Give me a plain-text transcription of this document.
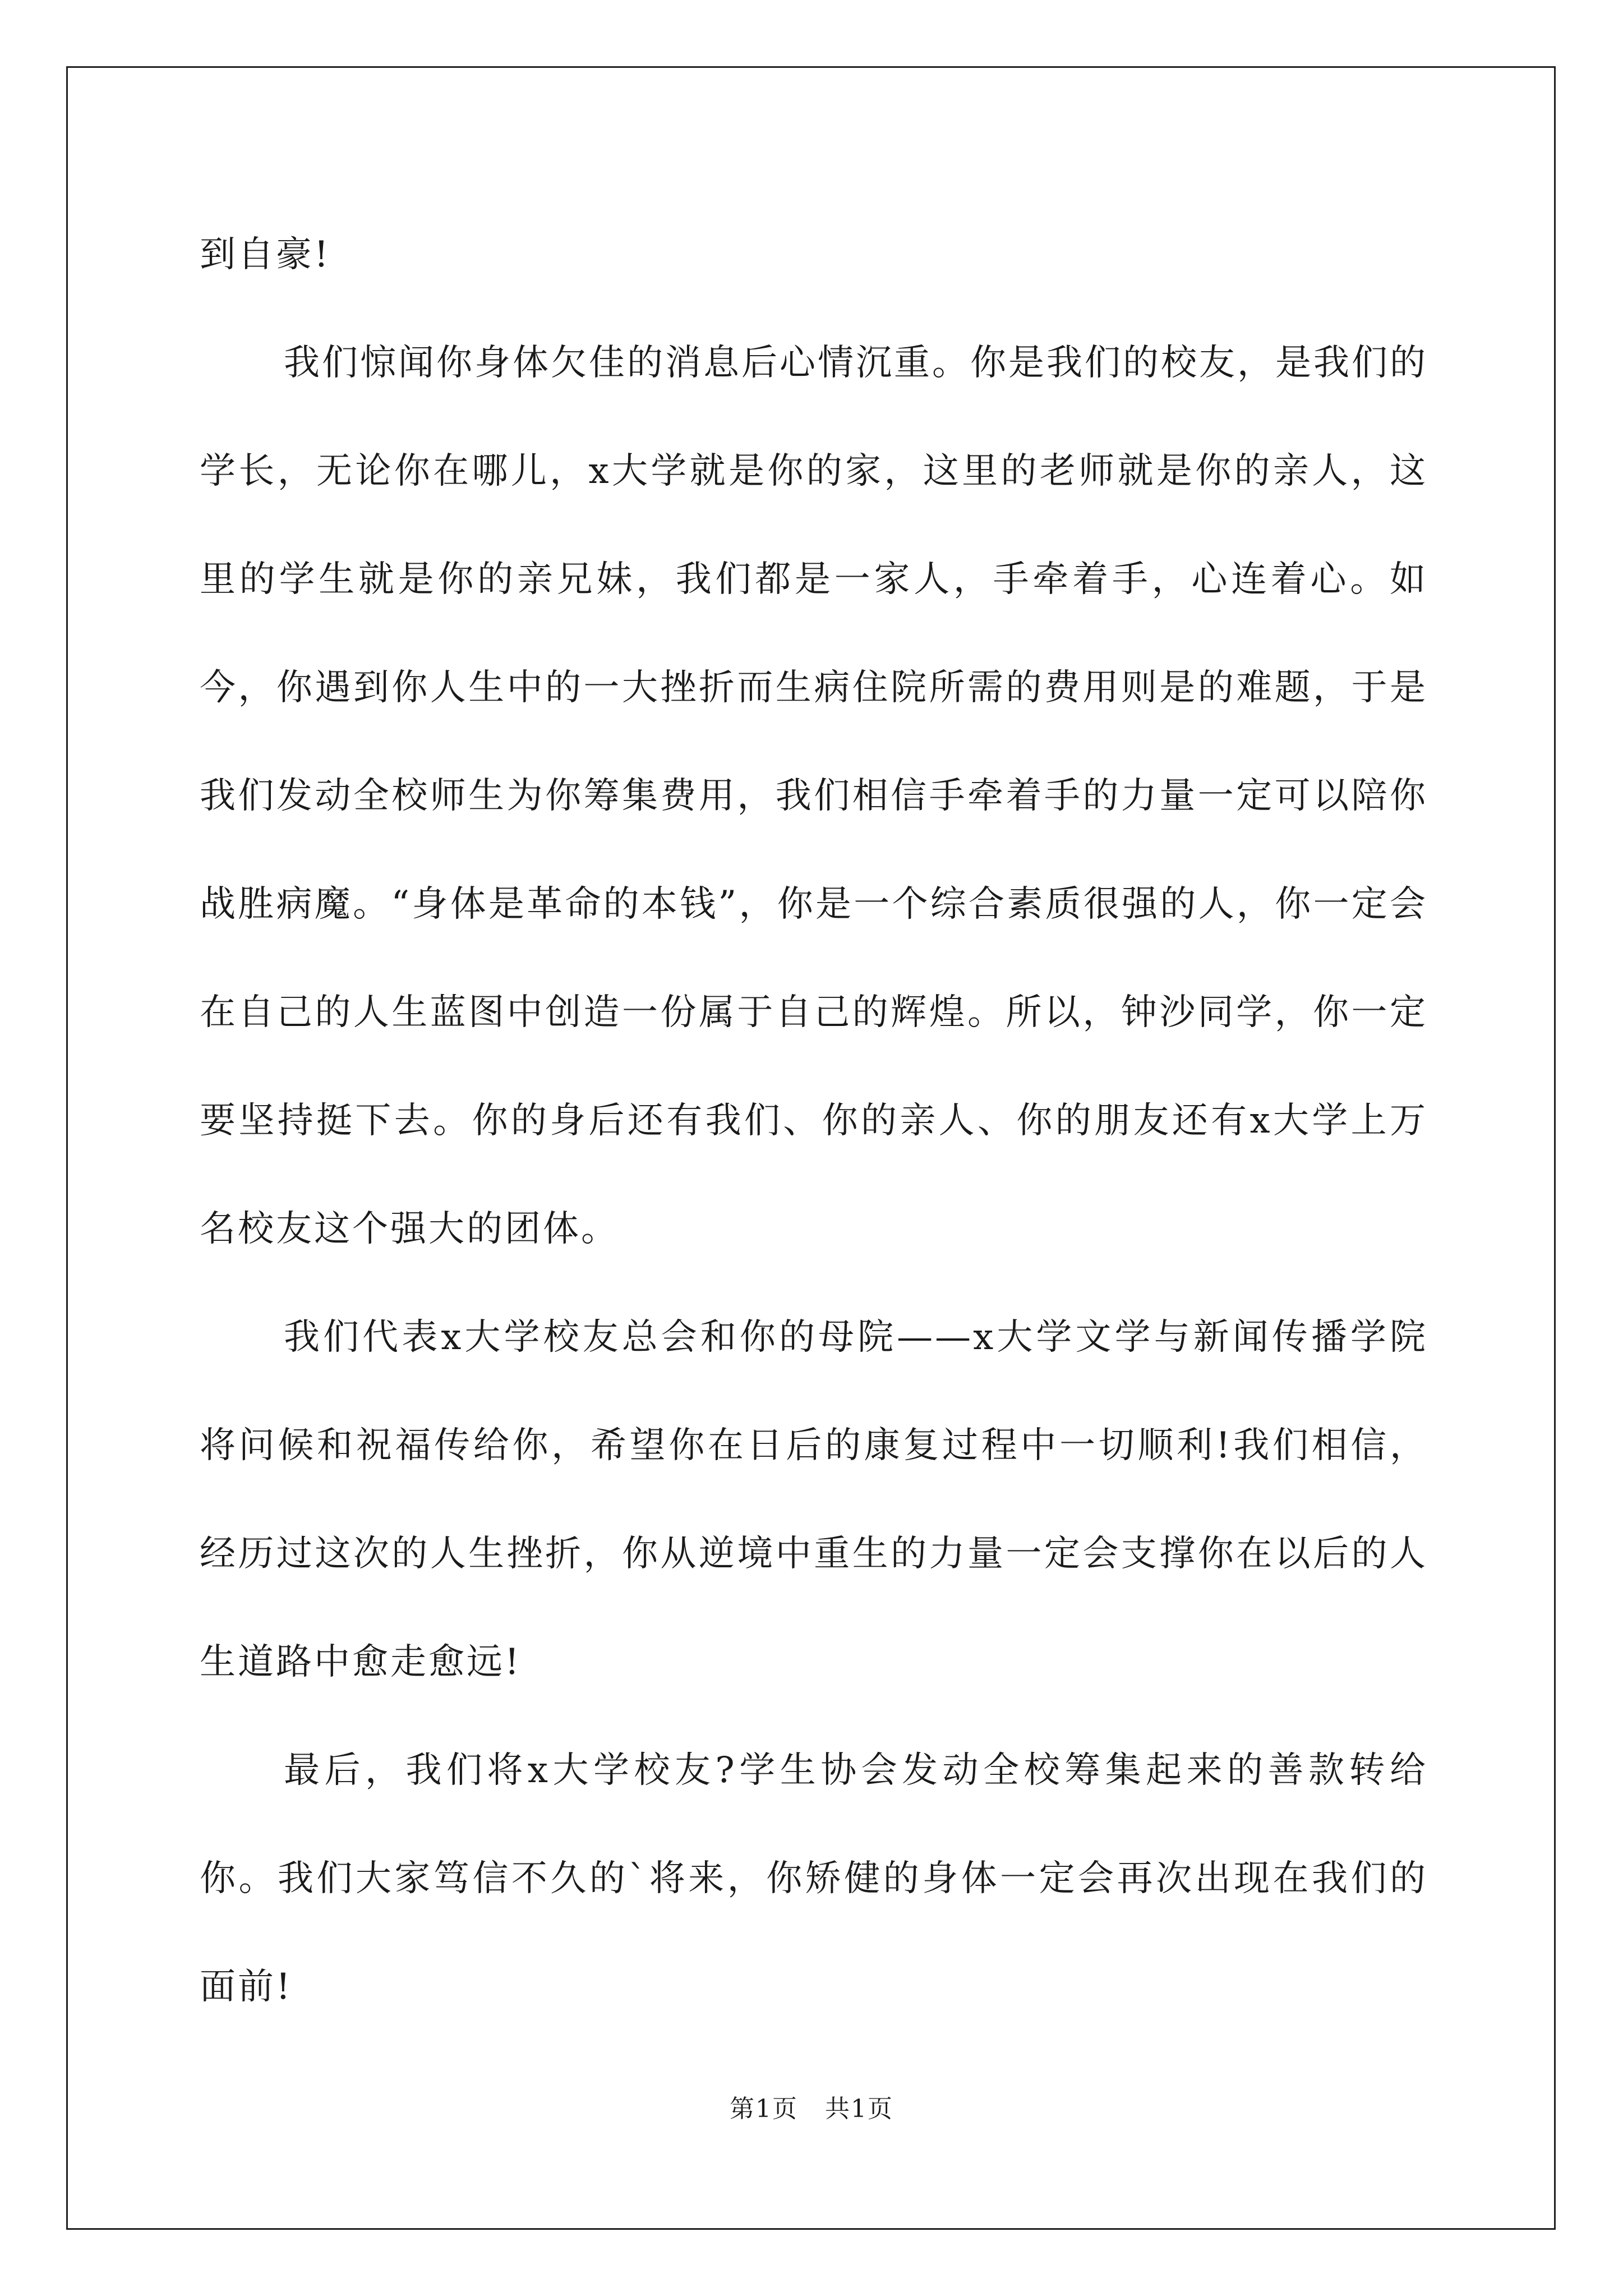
到自豪!

我们惊闻你身体欠佳的消息后心情沉重。你是我们的校友，是我们的学长，无论你在哪儿，x大学就是你的家，这里的老师就是你的亲人，这里的学生就是你的亲兄妹，我们都是一家人，手牵着手，心连着心。如今，你遇到你人生中的一大挫折而生病住院所需的费用则是的难题，于是我们发动全校师生为你筹集费用，我们相信手牵着手的力量一定可以陪你战胜病魔。“身体是革命的本钱”，你是一个综合素质很强的人，你一定会在自己的人生蓝图中创造一份属于自己的辉煌。所以，钟沙同学，你一定要坚持挺下去。你的身后还有我们、你的亲人、你的朋友还有x大学上万名校友这个强大的团体。

我们代表x大学校友总会和你的母院——x大学文学与新闻传播学院将问候和祝福传给你，希望你在日后的康复过程中一切顺利!我们相信，经历过这次的人生挫折，你从逆境中重生的力量一定会支撑你在以后的人生道路中愈走愈远!

最后，我们将x大学校友?学生协会发动全校筹集起来的善款转给你。我们大家笃信不久的`将来，你矫健的身体一定会再次出现在我们的面前!

第1页   共1页
